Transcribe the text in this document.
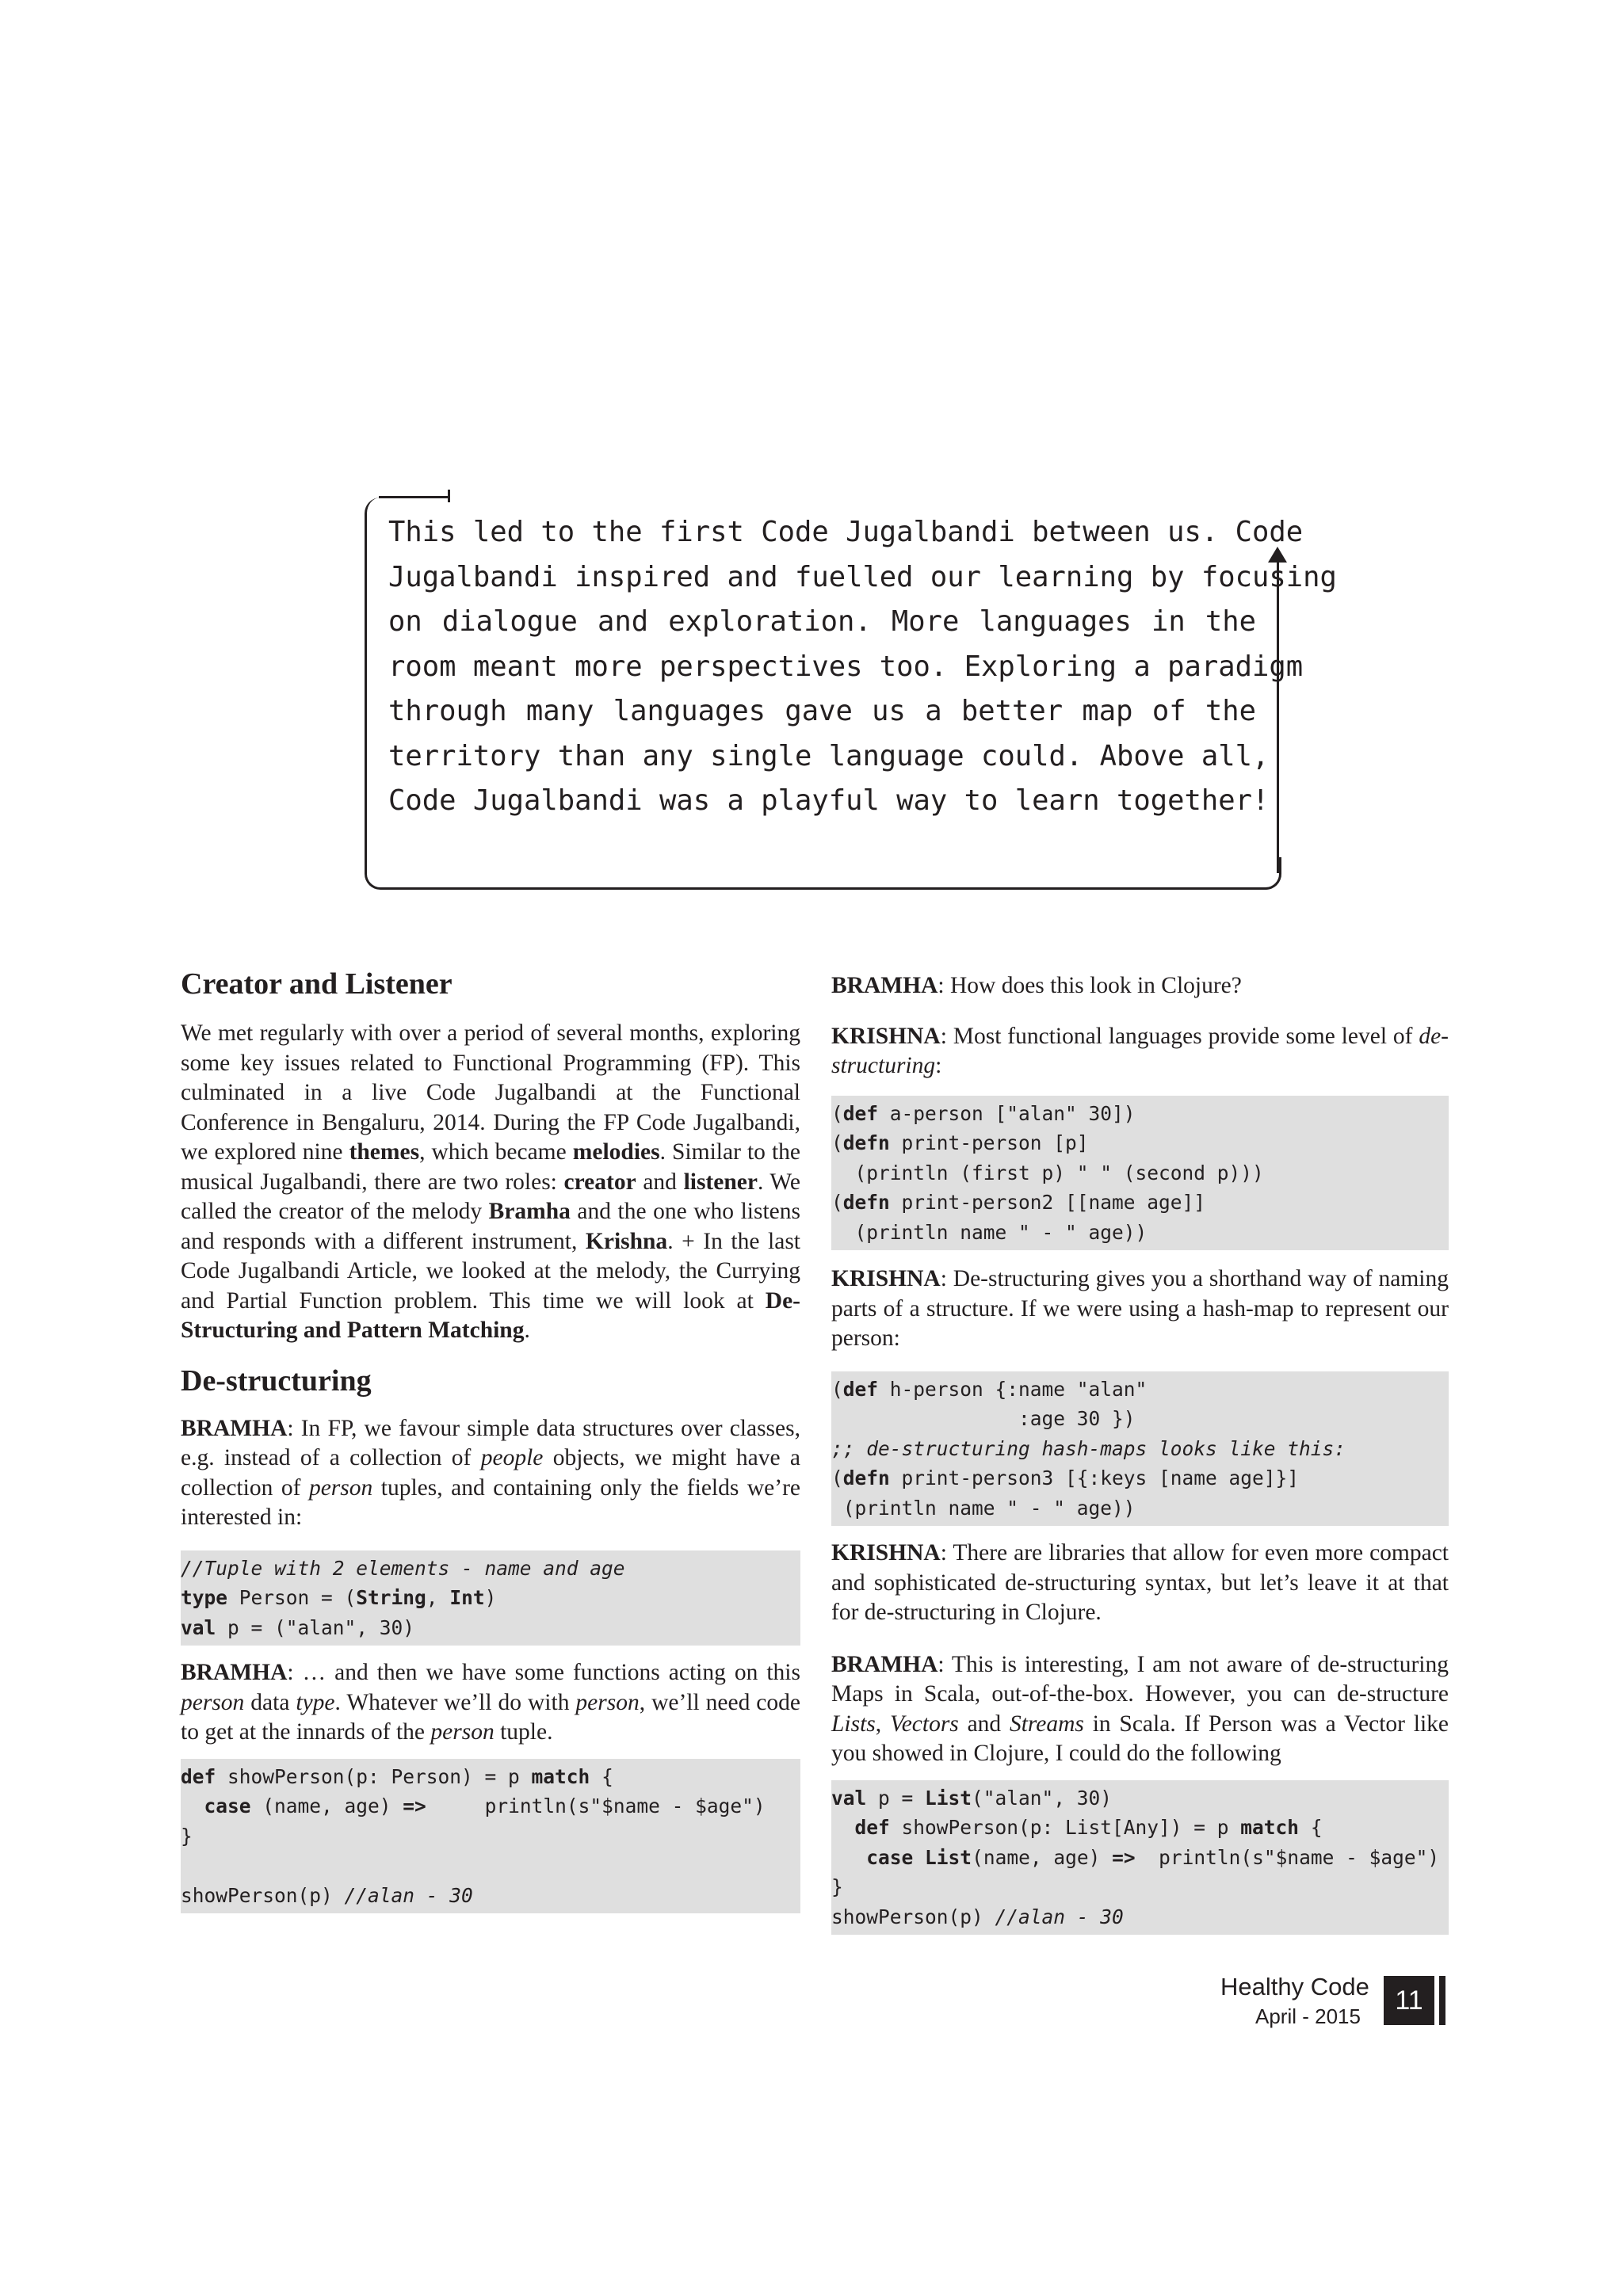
This led to the first Code Jugalbandi between us. Code
Jugalbandi inspired and fuelled our learning by focusing
on dialogue and exploration. More languages in the
room meant more perspectives too. Exploring a paradigm
through many languages gave us a better map of the
territory than any single language could. Above all,
Code Jugalbandi was a playful way to learn together!
Creator and Listener

We met regularly with over a period of several months, exploring some key issues related to Functional Programming (FP). This culminated in a live Code Jugalbandi at the Functional Conference in Bengaluru, 2014. During the FP Code Jugalbandi, we explored nine themes, which became melodies. Similar to the musical Jugalbandi, there are two roles: creator and listener. We called the creator of the melody Bramha and the one who listens and responds with a different instrument, Krishna. + In the last Code Jugalbandi Article, we looked at the melody, the Currying and Partial Function problem. This time we will look at De-Structuring and Pattern Matching.

De-structuring

BRAMHA: In FP, we favour simple data structures over classes, e.g. instead of a collection of people objects, we might have a collection of person tuples, and containing only the fields we’re interested in:

//Tuple with 2 elements - name and age
type Person = (String, Int)
val p = ("alan", 30)

BRAMHA: … and then we have some functions acting on this person data type. Whatever we’ll do with person, we’ll need code to get at the innards of the person tuple.

def showPerson(p: Person) = p match {
case (name, age) =>     println(s"$name - $age")
}

showPerson(p) //alan - 30

BRAMHA: How does this look in Clojure?

KRISHNA: Most functional languages provide some level of de-structuring:

(def a-person ["alan" 30])
(defn print-person [p]
(println (first p) " " (second p)))
(defn print-person2 [[name age]]
(println name " - " age))

KRISHNA: De-structuring gives you a shorthand way of naming parts of a structure. If we were using a hash-map to represent our person:

(def h-person {:name "alan"
:age 30 })
;; de-structuring hash-maps looks like this:
(defn print-person3 [{:keys [name age]}]
(println name " - " age))

KRISHNA: There are libraries that allow for even more compact and sophisticated de-structuring syntax, but let’s leave it at that for de-structuring in Clojure.

BRAMHA: This is interesting, I am not aware of de-structuring Maps in Scala, out-of-the-box. However, you can de-structure Lists, Vectors and Streams in Scala. If Person was a Vector like you showed in Clojure, I could do the following

val p = List("alan", 30)
def showPerson(p: List[Any]) = p match {
case List(name, age) =>  println(s"$name - $age")
}
showPerson(p) //alan - 30
Healthy Code
April - 2015
11
